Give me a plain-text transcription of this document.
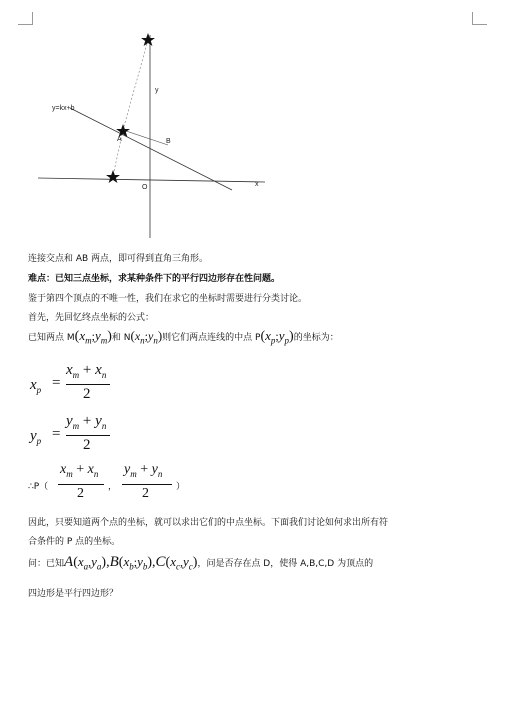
y=kx+b
y
x
O
A	B
连接交点和 AB 两点，即可得到直角三角形。
难点：已知三点坐标，求某种条件下的平行四边形存在性问题。
鉴于第四个顶点的不唯一性，我们在求它的坐标时需要进行分类讨论。
首先，先回忆终点坐标的公式：
已知两点 $M(x_m;y_m)$和 $N(x_n;y_n)$则它们两点连线的中点 $P(x_p;y_p)$的坐标为：
$x_p$ =
$x_m + x_n$
2
$y_p$ =
$y_m + y_n$
2
∴P（
$x_m + x_n$
2	，
$y_m + y_n$
2	）
因此，只要知道两个点的坐标，就可以求出它们的中点坐标。下面我们讨论如何求出所有符
合条件的 P 点的坐标。
问：已知$A(x_a,y_a),B(x_b;y_b),C(x_c,y_c)$，问是否存在点 D，使得 A,B,C,D 为顶点的
四边形是平行四边形？
